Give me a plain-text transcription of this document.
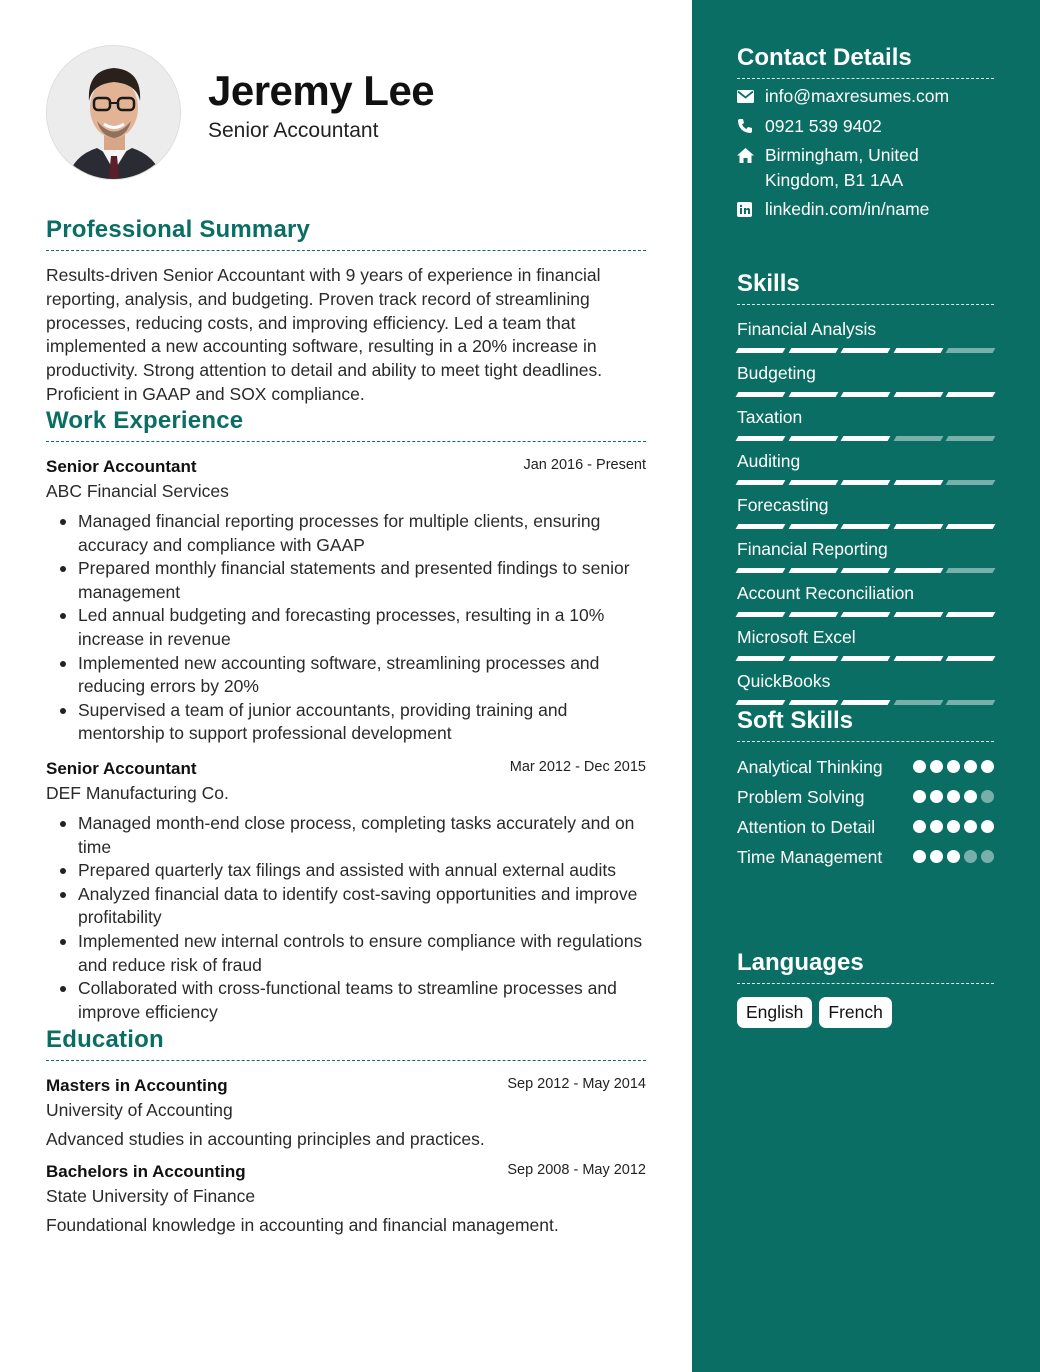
Jeremy Lee
Senior Accountant
Professional Summary

Results-driven Senior Accountant with 9 years of experience in financial reporting, analysis, and budgeting. Proven track record of streamlining processes, reducing costs, and improving efficiency. Led a team that implemented a new accounting software, resulting in a 20% increase in productivity. Strong attention to detail and ability to meet tight deadlines. Proficient in GAAP and SOX compliance.

Work Experience
Senior Accountant	Jan 2016 - Present
ABC Financial Services
Managed financial reporting processes for multiple clients, ensuring accuracy and compliance with GAAP
Prepared monthly financial statements and presented findings to senior management
Led annual budgeting and forecasting processes, resulting in a 10% increase in revenue
Implemented new accounting software, streamlining processes and reducing errors by 20%
Supervised a team of junior accountants, providing training and mentorship to support professional development
Senior Accountant	Mar 2012 - Dec 2015
DEF Manufacturing Co.
Managed month-end close process, completing tasks accurately and on time
Prepared quarterly tax filings and assisted with annual external audits
Analyzed financial data to identify cost-saving opportunities and improve profitability
Implemented new internal controls to ensure compliance with regulations and reduce risk of fraud
Collaborated with cross-functional teams to streamline processes and improve efficiency
Education
Masters in Accounting	Sep 2012 - May 2014
University of Accounting
Advanced studies in accounting principles and practices.
Bachelors in Accounting	Sep 2008 - May 2012
State University of Finance
Foundational knowledge in accounting and financial management.
Contact Details
info@maxresumes.com
0921 539 9402
Birmingham, United Kingdom, B1 1AA
linkedin.com/in/name
Skills
Financial Analysis
Budgeting
Taxation
Auditing
Forecasting
Financial Reporting
Account Reconciliation
Microsoft Excel
QuickBooks
Soft Skills
Analytical Thinking
Problem Solving
Attention to Detail
Time Management
Languages
English	French
